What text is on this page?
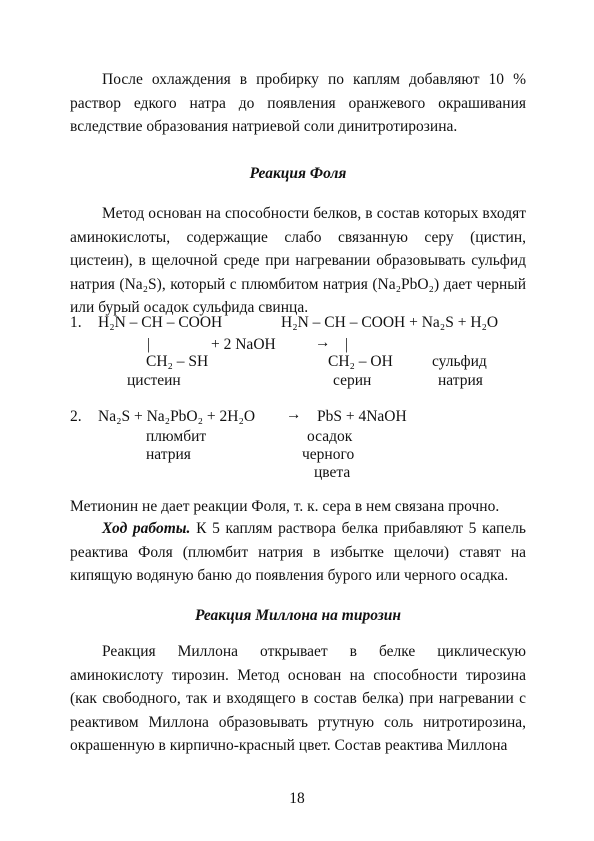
После охлаждения в пробирку по каплям добавляют 10 % раствор едкого натра до появления оранжевого окрашивания вследствие образования натриевой соли динитротирозина.

Реакция Фоля

Метод основан на способности белков, в состав которых входят аминокислоты, содержащие слабо связанную серу (цистин, цистеин), в щелочной среде при нагревании образовывать сульфид натрия (Na₂S), который с плюмбитом натрия (Na₂PbO₂) дает черный или бурый осадок сульфида свинца.

1. H₂N – CH – COOH	H₂N – CH – COOH + Na₂S + H₂O
|	+ 2 NaOH	→ |
CH₂ – SH	CH₂ – OH	сульфид
цистеин	серин	натрия
2. Na₂S + Na₂PbO₂ + 2H₂O → PbS + 4NaOH
плюмбит	осадок
натрия	черного
цвета

Метионин не дает реакции Фоля, т. к. сера в нем связана прочно.

Ход работы. К 5 каплям раствора белка прибавляют 5 капель реактива Фоля (плюмбит натрия в избытке щелочи) ставят на кипящую водяную баню до появления бурого или черного осадка.

Реакция Миллона на тирозин

Реакция Миллона открывает в белке циклическую аминокислоту тирозин. Метод основан на способности тирозина (как свободного, так и входящего в состав белка) при нагревании с реактивом Миллона образовывать ртутную соль нитротирозина, окрашенную в кирпично-красный цвет. Состав реактива Миллона

18
